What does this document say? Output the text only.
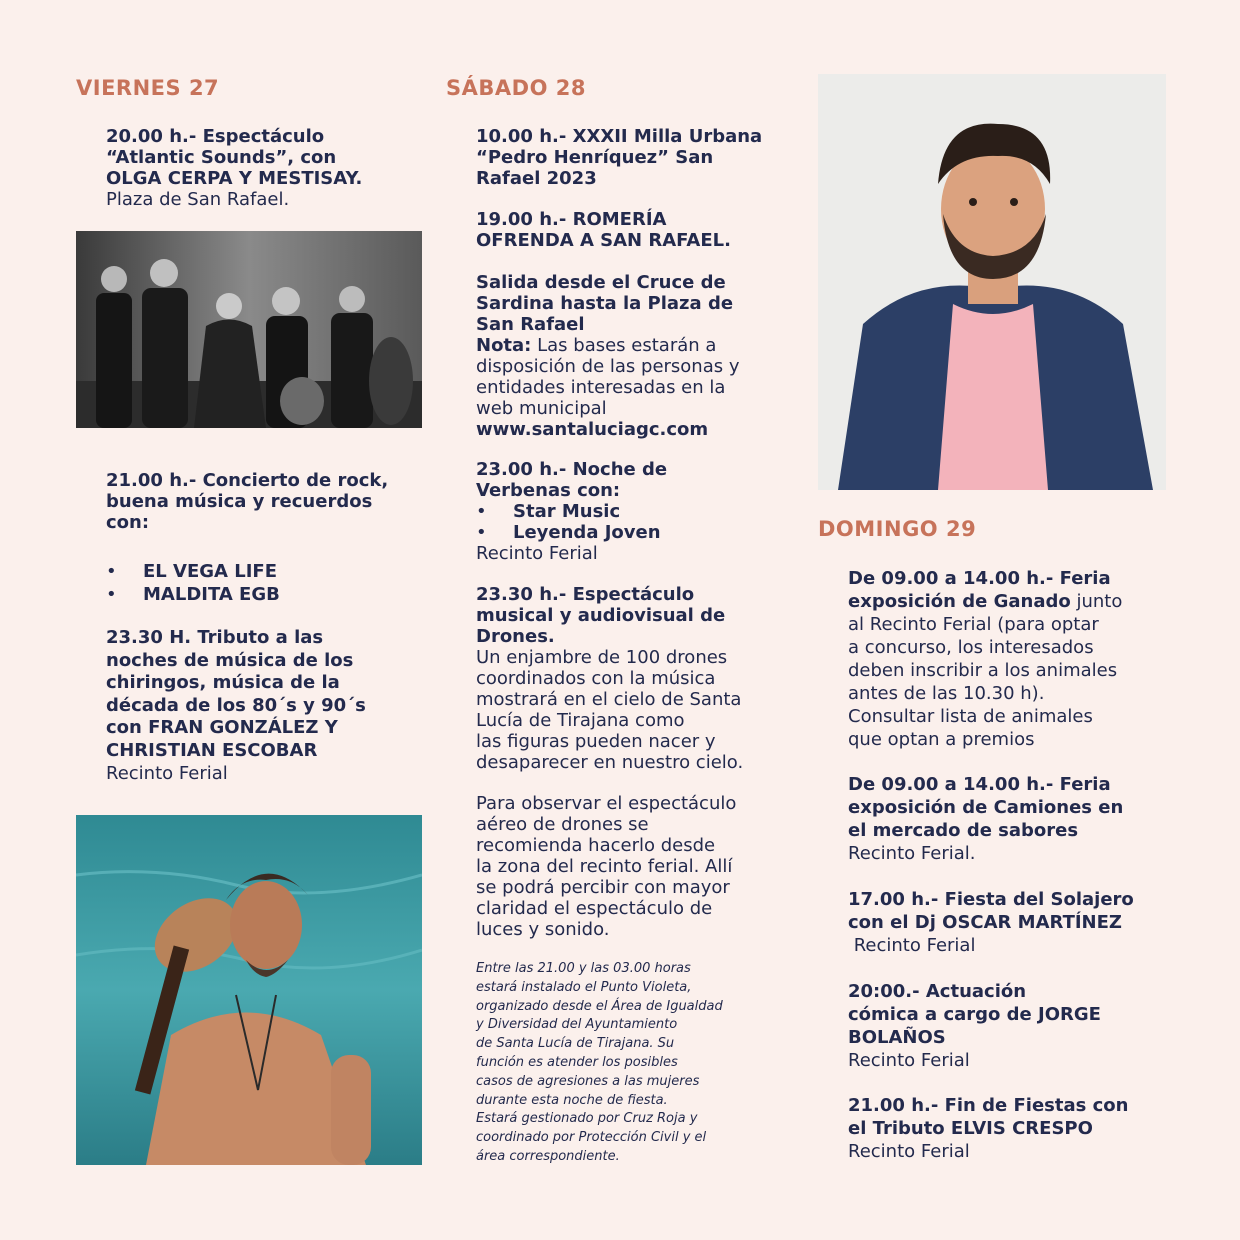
VIERNES 27
20.00 h.- Espectáculo
“Atlantic Sounds”, con
OLGA CERPA Y MESTISAY.
Plaza de San Rafael.
21.00 h.- Concierto de rock,
buena música y recuerdos
con:
• EL VEGA LIFE
• MALDITA EGB
23.30 H. Tributo a las
noches de música de los
chiringos, música de la
década de los 80´s y 90´s
con FRAN GONZÁLEZ Y
CHRISTIAN ESCOBAR
Recinto Ferial
SÁBADO 28
10.00 h.- XXXII Milla Urbana
“Pedro Henríquez” San
Rafael 2023
19.00 h.- ROMERÍA
OFRENDA A SAN RAFAEL.
Salida desde el Cruce de
Sardina hasta la Plaza de
San Rafael
Nota: Las bases estarán a
disposición de las personas y
entidades interesadas en la
web municipal
www.santaluciagc.com
23.00 h.- Noche de
Verbenas con:
• Star Music
• Leyenda Joven
Recinto Ferial
23.30 h.- Espectáculo
musical y audiovisual de
Drones.
Un enjambre de 100 drones
coordinados con la música
mostrará en el cielo de Santa
Lucía de Tirajana como
las figuras pueden nacer y
desaparecer en nuestro cielo.
Para observar el espectáculo
aéreo de drones se
recomienda hacerlo desde
la zona del recinto ferial. Allí
se podrá percibir con mayor
claridad el espectáculo de
luces y sonido.
Entre las 21.00 y las 03.00 horas
estará instalado el Punto Violeta,
organizado desde el Área de Igualdad
y Diversidad del Ayuntamiento
de Santa Lucía de Tirajana. Su
función es atender los posibles
casos de agresiones a las mujeres
durante esta noche de fiesta.
Estará gestionado por Cruz Roja y
coordinado por Protección Civil y el
área correspondiente.
DOMINGO 29
De 09.00 a 14.00 h.- Feria
exposición de Ganado junto
al Recinto Ferial (para optar
a concurso, los interesados
deben inscribir a los animales
antes de las 10.30 h).
Consultar lista de animales
que optan a premios
De 09.00 a 14.00 h.- Feria
exposición de Camiones en
el mercado de sabores
Recinto Ferial.
17.00 h.- Fiesta del Solajero
con el Dj OSCAR MARTÍNEZ
Recinto Ferial
20:00.- Actuación
cómica a cargo de JORGE
BOLAÑOS
Recinto Ferial
21.00 h.- Fin de Fiestas con
el Tributo ELVIS CRESPO
Recinto Ferial
